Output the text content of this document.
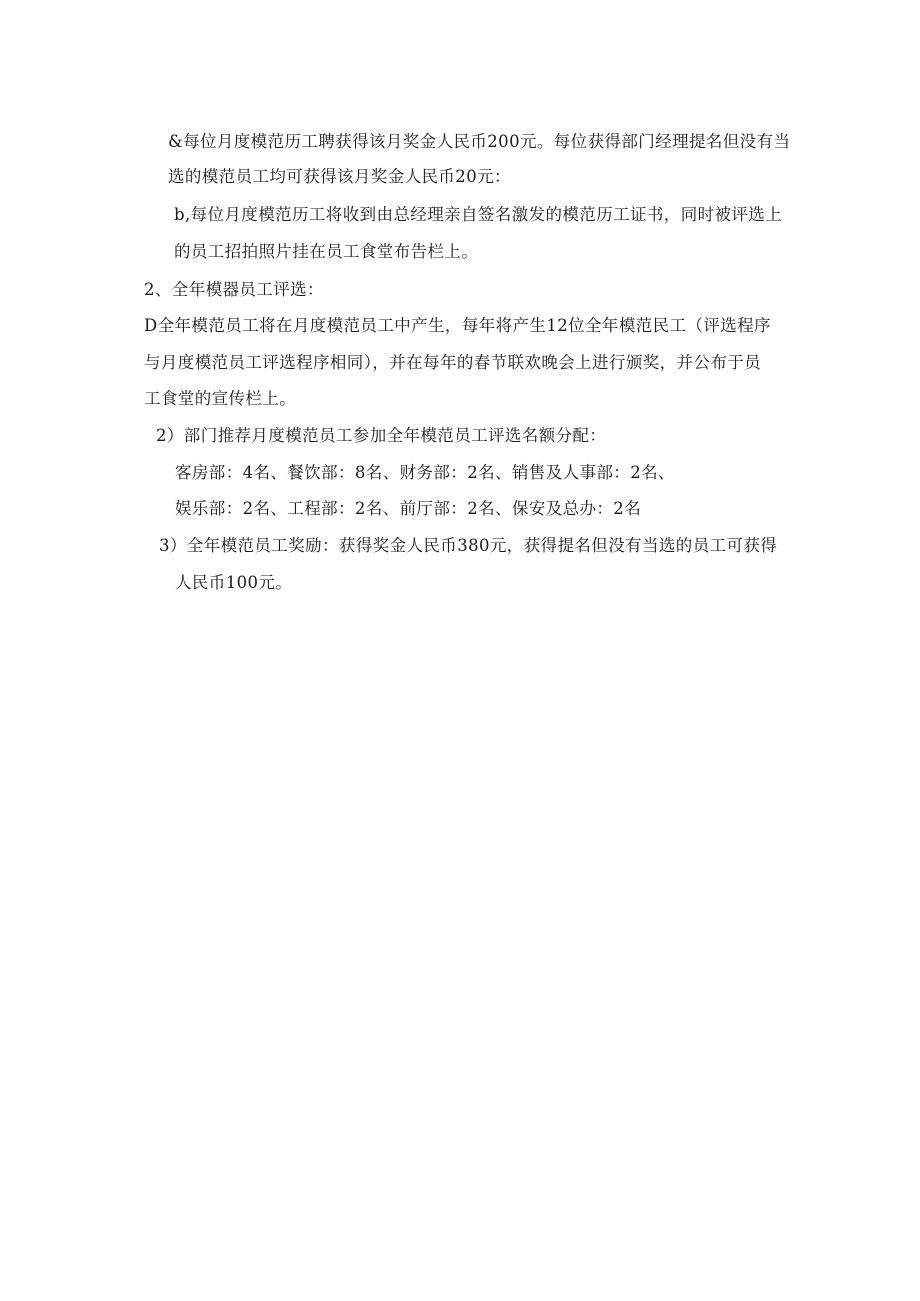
&每位月度模范历工聘获得该月奖金人民币200元。每位获得部门经理提名但没有当
选的模范员工均可获得该月奖金人民币20元：
b,每位月度模范历工将收到由总经理亲自签名激发的模范历工证书，同时被评选上
的员工招拍照片挂在员工食堂布告栏上。
2、全年模器员工评选：
D全年模范员工将在月度模范员工中产生，每年将产生12位全年模范民工（评选程序
与月度模范员工评选程序相同），并在每年的春节联欢晚会上进行颁奖，并公布于员
工食堂的宣传栏上。
2）部门推荐月度模范员工参加全年模范员工评选名额分配：
客房部：4名、餐饮部：8名、财务部：2名、销售及人事部：2名、
娱乐部：2名、工程部：2名、前厅部：2名、保安及总办：2名
3）全年模范员工奖励：获得奖金人民币380元，获得提名但没有当选的员工可获得
人民币100元。
